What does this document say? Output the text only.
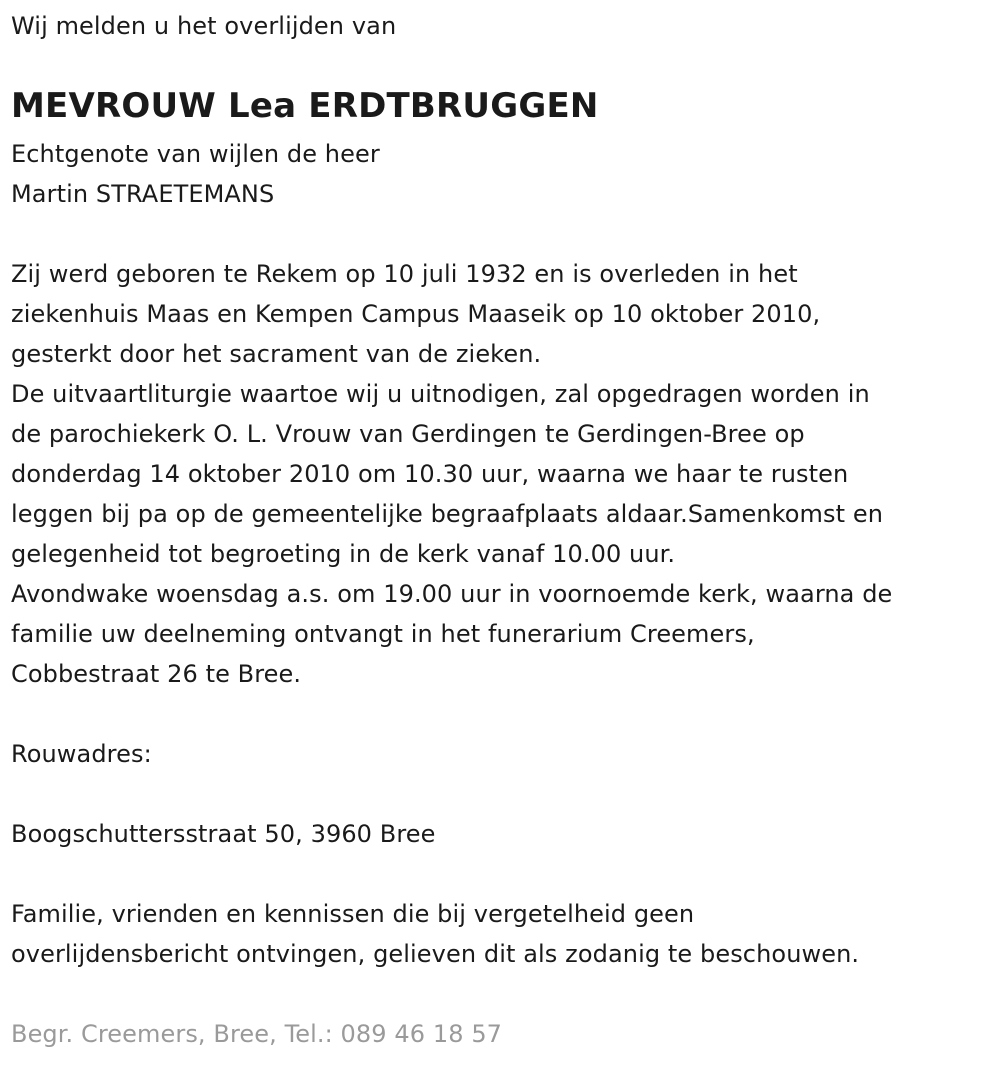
Wij melden u het overlijden van
MEVROUW Lea ERDTBRUGGEN
Echtgenote van wijlen de heer
Martin STRAETEMANS
Zij werd geboren te Rekem op 10 juli 1932 en is overleden in het
ziekenhuis Maas en Kempen Campus Maaseik op 10 oktober 2010,
gesterkt door het sacrament van de zieken.
De uitvaartliturgie waartoe wij u uitnodigen, zal opgedragen worden in
de parochiekerk O. L. Vrouw van Gerdingen te Gerdingen-Bree op
donderdag 14 oktober 2010 om 10.30 uur, waarna we haar te rusten
leggen bij pa op de gemeentelijke begraafplaats aldaar.Samenkomst en
gelegenheid tot begroeting in de kerk vanaf 10.00 uur.
Avondwake woensdag a.s. om 19.00 uur in voornoemde kerk, waarna de
familie uw deelneming ontvangt in het funerarium Creemers,
Cobbestraat 26 te Bree.
Rouwadres:
Boogschuttersstraat 50, 3960 Bree
Familie, vrienden en kennissen die bij vergetelheid geen
overlijdensbericht ontvingen, gelieven dit als zodanig te beschouwen.
Begr. Creemers, Bree, Tel.: 089 46 18 57
